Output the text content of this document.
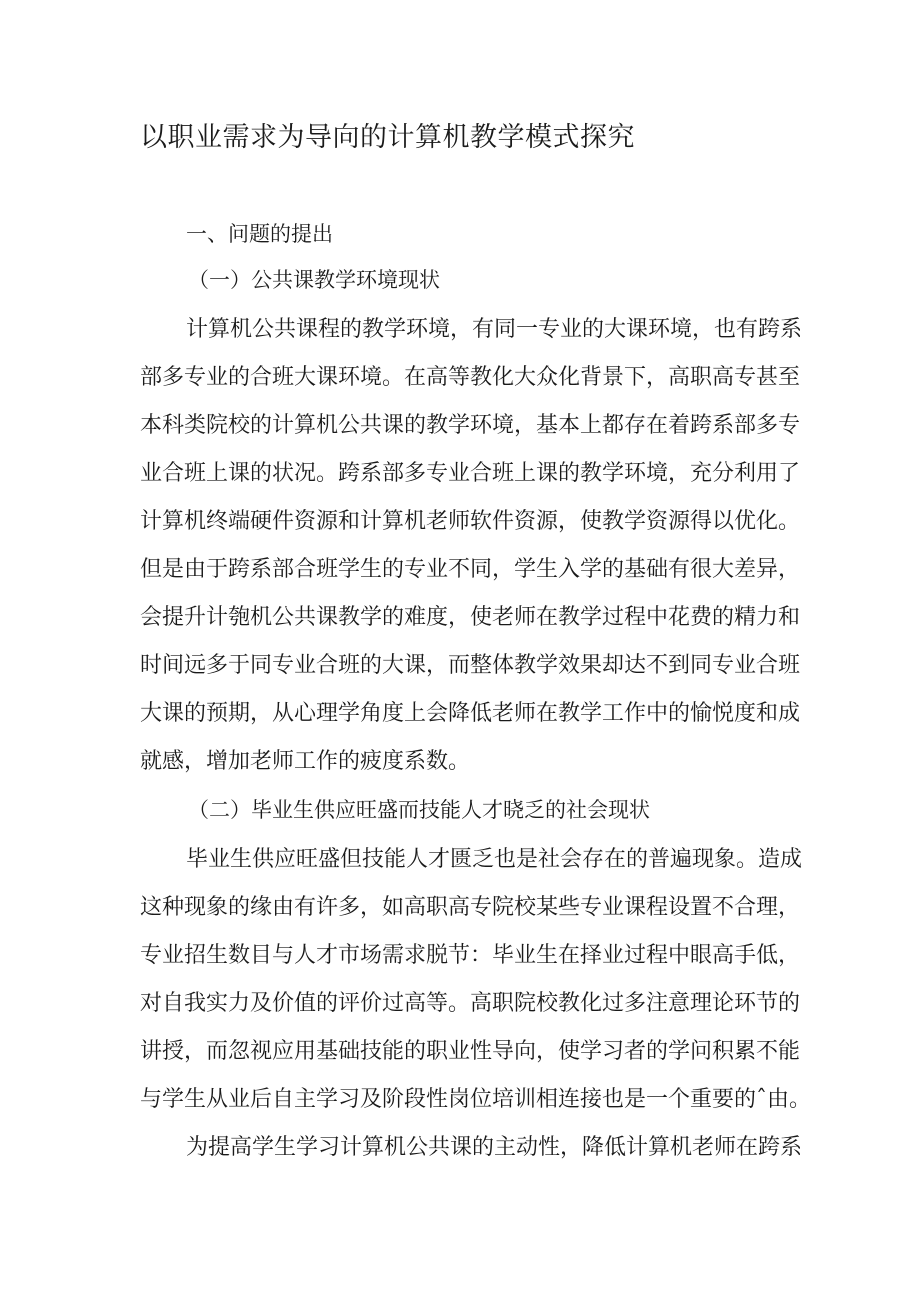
以职业需求为导向的计算机教学模式探究
一、问题的提出
（一）公共课教学环境现状
计算机公共课程的教学环境，有同一专业的大课环境，也有跨系
部多专业的合班大课环境。在高等教化大众化背景下，高职高专甚至
本科类院校的计算机公共课的教学环境，基本上都存在着跨系部多专
业合班上课的状况。跨系部多专业合班上课的教学环境，充分利用了
计算机终端硬件资源和计算机老师软件资源，使教学资源得以优化。
但是由于跨系部合班学生的专业不同，学生入学的基础有很大差异，
会提升计匏机公共课教学的难度，使老师在教学过程中花费的精力和
时间远多于同专业合班的大课，而整体教学效果却达不到同专业合班
大课的预期，从心理学角度上会降低老师在教学工作中的愉悦度和成
就感，增加老师工作的疲度系数。
（二）毕业生供应旺盛而技能人才晓乏的社会现状
毕业生供应旺盛但技能人才匮乏也是社会存在的普遍现象。造成
这种现象的缘由有许多，如高职高专院校某些专业课程设置不合理，
专业招生数目与人才市场需求脱节：毕业生在择业过程中眼高手低，
对自我实力及价值的评价过高等。高职院校教化过多注意理论环节的
讲授，而忽视应用基础技能的职业性导向，使学习者的学问积累不能
与学生从业后自主学习及阶段性岗位培训相连接也是一个重要的ˆ由。
为提高学生学习计算机公共课的主动性，降低计算机老师在跨系
